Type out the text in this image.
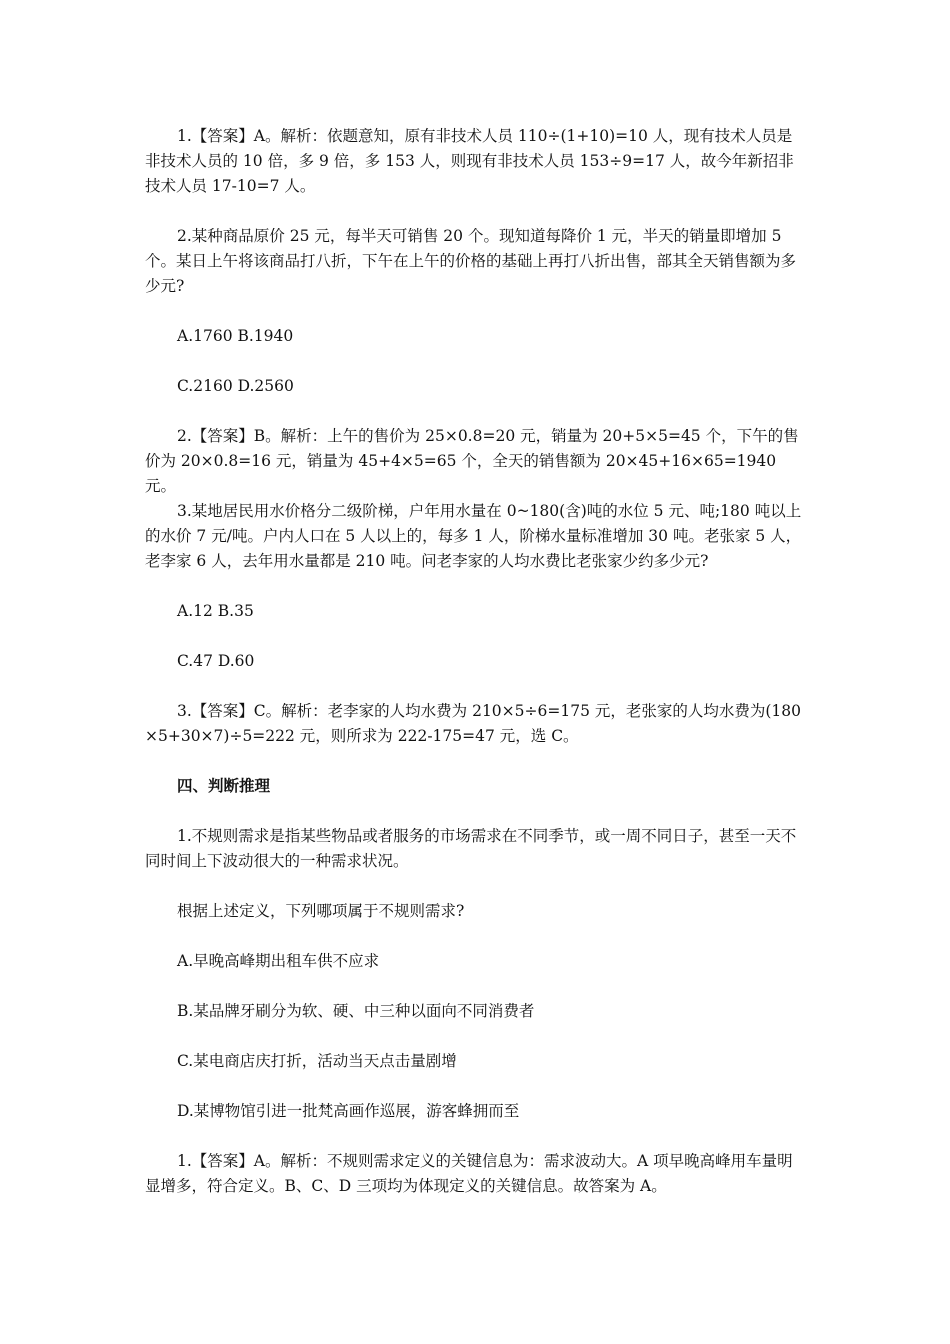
1.【答案】A。解析：依题意知，原有非技术人员 110÷(1+10)=10 人，现有技术人员是非技术人员的 10 倍，多 9 倍，多 153 人，则现有非技术人员 153÷9=17 人，故今年新招非技术人员 17-10=7 人。

2.某种商品原价 25 元，每半天可销售 20 个。现知道每降价 1 元，半天的销量即增加 5 个。某日上午将该商品打八折，下午在上午的价格的基础上再打八折出售，部其全天销售额为多少元?

A.1760 B.1940

C.2160 D.2560

2.【答案】B。解析：上午的售价为 25×0.8=20 元，销量为 20+5×5=45 个，下午的售价为 20×0.8=16 元，销量为 45+4×5=65 个，全天的销售额为 20×45+16×65=1940 元。

3.某地居民用水价格分二级阶梯，户年用水量在 0~180(含)吨的水位 5 元、吨;180 吨以上的水价 7 元/吨。户内人口在 5 人以上的，每多 1 人，阶梯水量标准增加 30 吨。老张家 5 人，老李家 6 人，去年用水量都是 210 吨。问老李家的人均水费比老张家少约多少元?

A.12 B.35

C.47 D.60

3.【答案】C。解析：老李家的人均水费为 210×5÷6=175 元，老张家的人均水费为(180×5+30×7)÷5=222 元，则所求为 222-175=47 元，选 C。

四、判断推理

1.不规则需求是指某些物品或者服务的市场需求在不同季节，或一周不同日子，甚至一天不同时间上下波动很大的一种需求状况。

根据上述定义，下列哪项属于不规则需求?

A.早晚高峰期出租车供不应求

B.某品牌牙刷分为软、硬、中三种以面向不同消费者

C.某电商店庆打折，活动当天点击量剧增

D.某博物馆引进一批梵高画作巡展，游客蜂拥而至

1.【答案】A。解析：不规则需求定义的关键信息为：需求波动大。A 项早晚高峰用车量明显增多，符合定义。B、C、D 三项均为体现定义的关键信息。故答案为 A。
